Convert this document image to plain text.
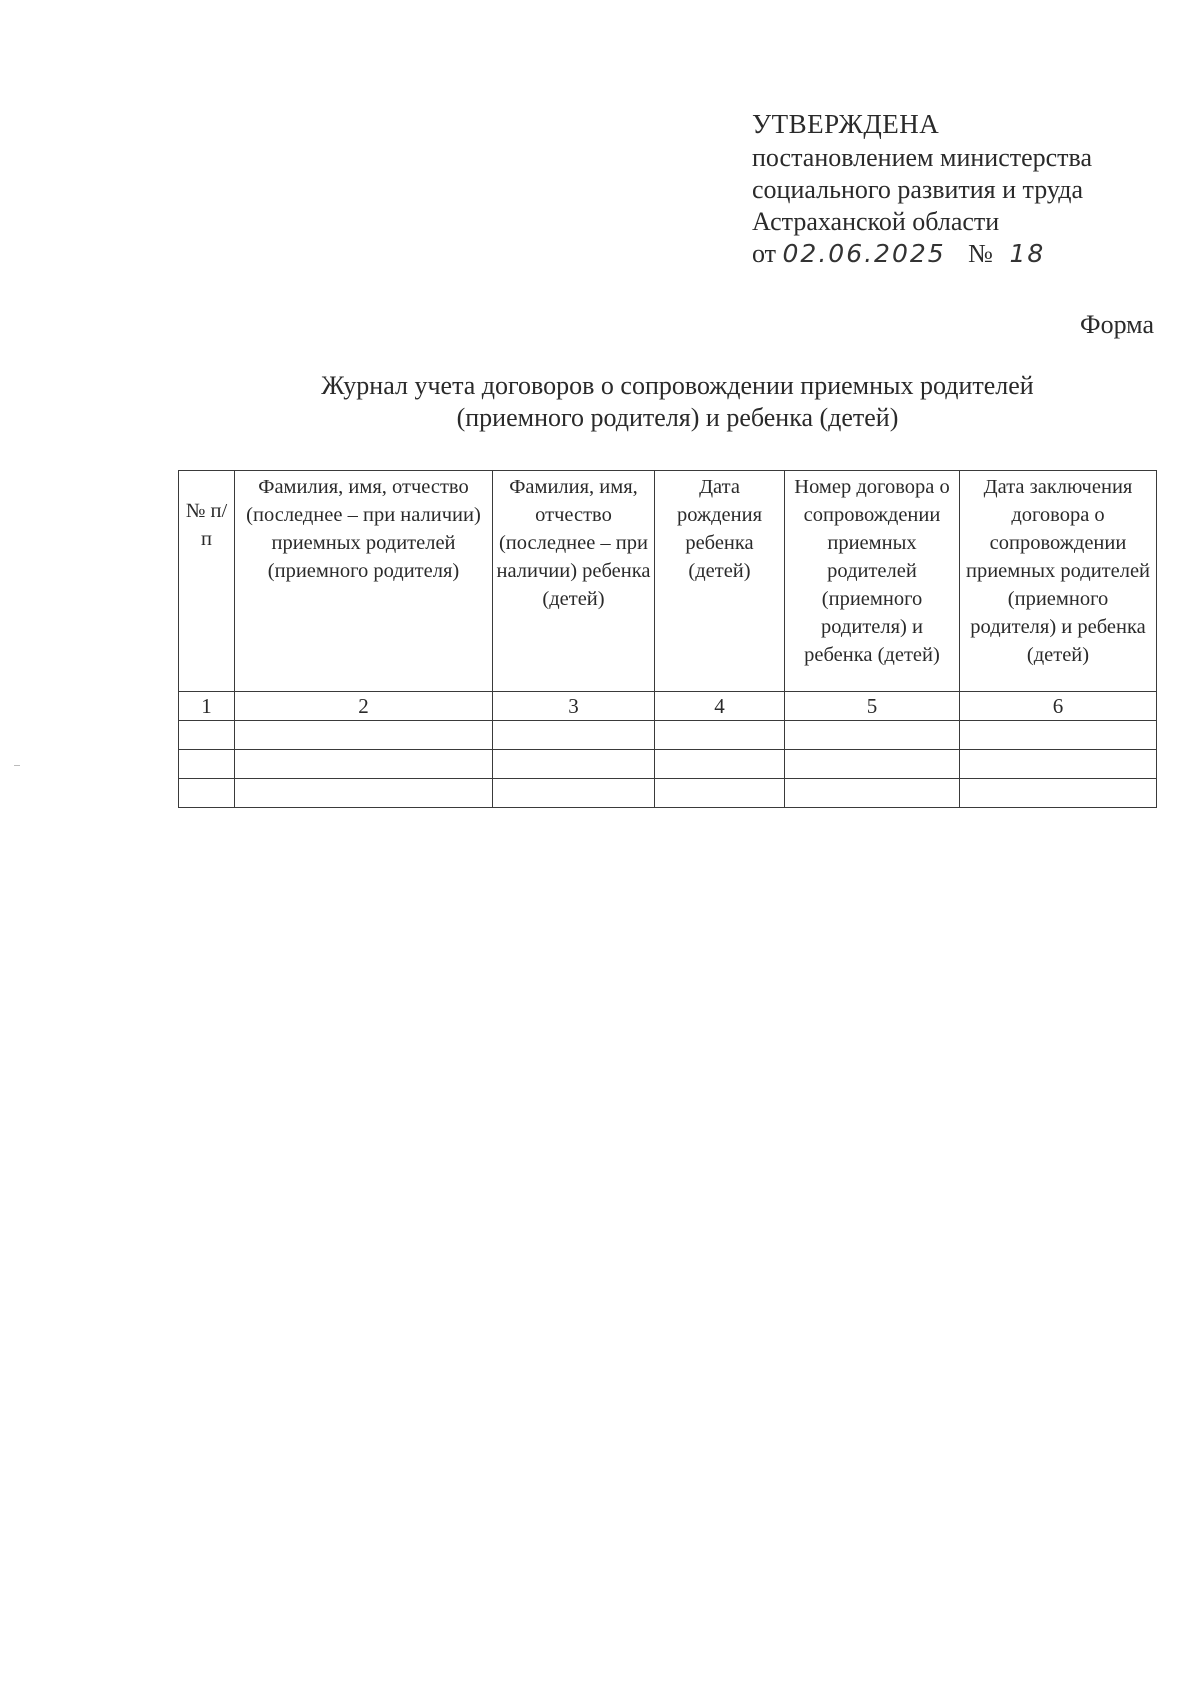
УТВЕРЖДЕНА
постановлением министерства
социального развития и труда
Астраханской области
от 02.06.2025 № 18
Форма
Журнал учета договоров о сопровождении приемных родителей
(приемного родителя) и ребенка (детей)
№ п/п	Фамилия, имя, отчество (последнее – при наличии) приемных родителей (приемного родителя)	Фамилия, имя, отчество (последнее – при наличии) ребенка (детей)	Дата рождения ребенка (детей)	Номер договора о сопровождении приемных родителей (приемного родителя) и ребенка (детей)	Дата заключения договора о сопровождении приемных родителей (приемного родителя) и ребенка (детей)
1	2	3	4	5	6
